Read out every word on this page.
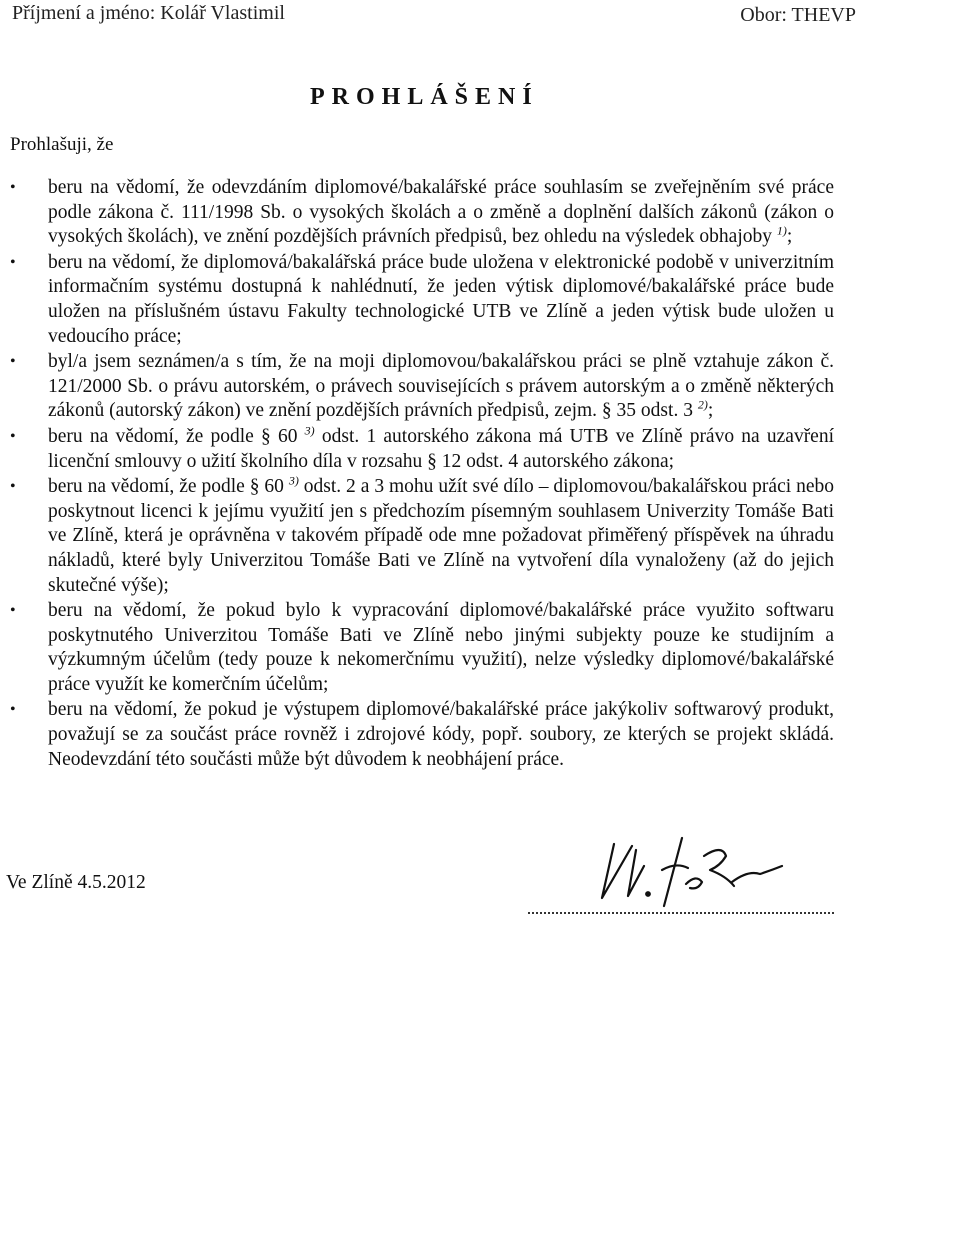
Příjmení a jméno: Kolář Vlastimil	Obor: THEVP
PROHLÁŠENÍ
Prohlašuji, že
•	beru na vědomí, že odevzdáním diplomové/bakalářské práce souhlasím se zveřejněním své práce podle zákona č. 111/1998 Sb. o vysokých školách a o změně a doplnění dalších zákonů (zákon o vysokých školách), ve znění pozdějších právních předpisů, bez ohledu na výsledek obhajoby $^{1)}$;
•	beru na vědomí, že diplomová/bakalářská práce bude uložena v elektronické podobě v univerzitním informačním systému dostupná k nahlédnutí, že jeden výtisk diplomové/bakalářské práce bude uložen na příslušném ústavu Fakulty technologické UTB ve Zlíně a jeden výtisk bude uložen u vedoucího práce;
•	byl/a jsem seznámen/a s tím, že na moji diplomovou/bakalářskou práci se plně vztahuje zákon č. 121/2000 Sb. o právu autorském, o právech souvisejících s právem autorským a o změně některých zákonů (autorský zákon) ve znění pozdějších právních předpisů, zejm. § 35 odst. 3 $^{2)}$;
•	beru na vědomí, že podle § 60 $^{3)}$ odst. 1 autorského zákona má UTB ve Zlíně právo na uzavření licenční smlouvy o užití školního díla v rozsahu § 12 odst. 4 autorského zákona;
•	beru na vědomí, že podle § 60 $^{3)}$ odst. 2 a 3 mohu užít své dílo – diplomovou/bakalářskou práci nebo poskytnout licenci k jejímu využití jen s předchozím písemným souhlasem Univerzity Tomáše Bati ve Zlíně, která je oprávněna v takovém případě ode mne požadovat přiměřený příspěvek na úhradu nákladů, které byly Univerzitou Tomáše Bati ve Zlíně na vytvoření díla vynaloženy (až do jejich skutečné výše);
•	beru na vědomí, že pokud bylo k vypracování diplomové/bakalářské práce využito softwaru poskytnutého Univerzitou Tomáše Bati ve Zlíně nebo jinými subjekty pouze ke studijním a výzkumným účelům (tedy pouze k nekomerčnímu využití), nelze výsledky diplomové/bakalářské práce využít ke komerčním účelům;
•	beru na vědomí, že pokud je výstupem diplomové/bakalářské práce jakýkoliv softwarový produkt, považují se za součást práce rovněž i zdrojové kódy, popř. soubory, ze kterých se projekt skládá. Neodevzdání této součásti může být důvodem k neobhájení práce.
Ve Zlíně 4.5.2012
